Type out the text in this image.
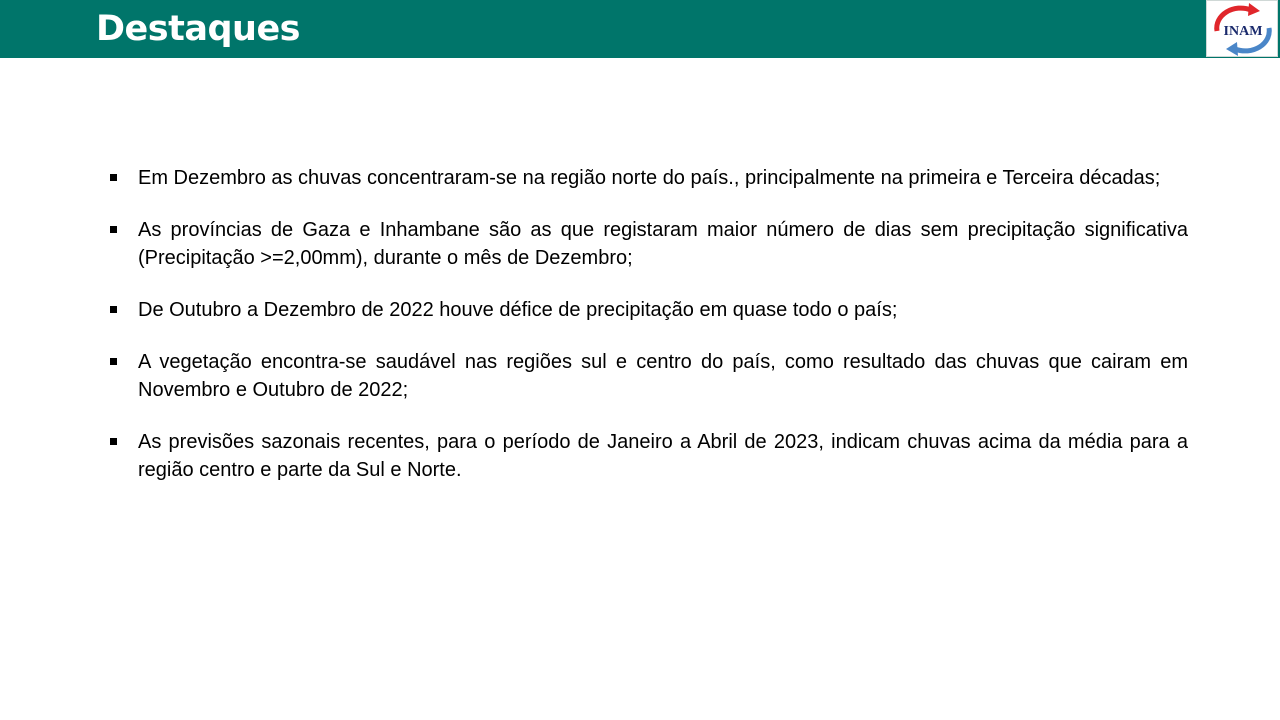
Destaques	INAM
Em Dezembro as chuvas concentraram-se na região norte do país., principalmente na primeira e Terceira décadas;
As províncias de Gaza e Inhambane são as que registaram maior número de dias sem precipitação significativa (Precipitação >=2,00mm), durante o mês de Dezembro;
De Outubro a Dezembro de 2022 houve défice de precipitação em quase todo o país;
A vegetação encontra-se saudável nas regiões sul e centro do país, como resultado das chuvas que cairam em Novembro e Outubro de 2022;
As previsões sazonais recentes, para o período de Janeiro a Abril de 2023, indicam chuvas acima da média para a região centro e parte da Sul e Norte.
